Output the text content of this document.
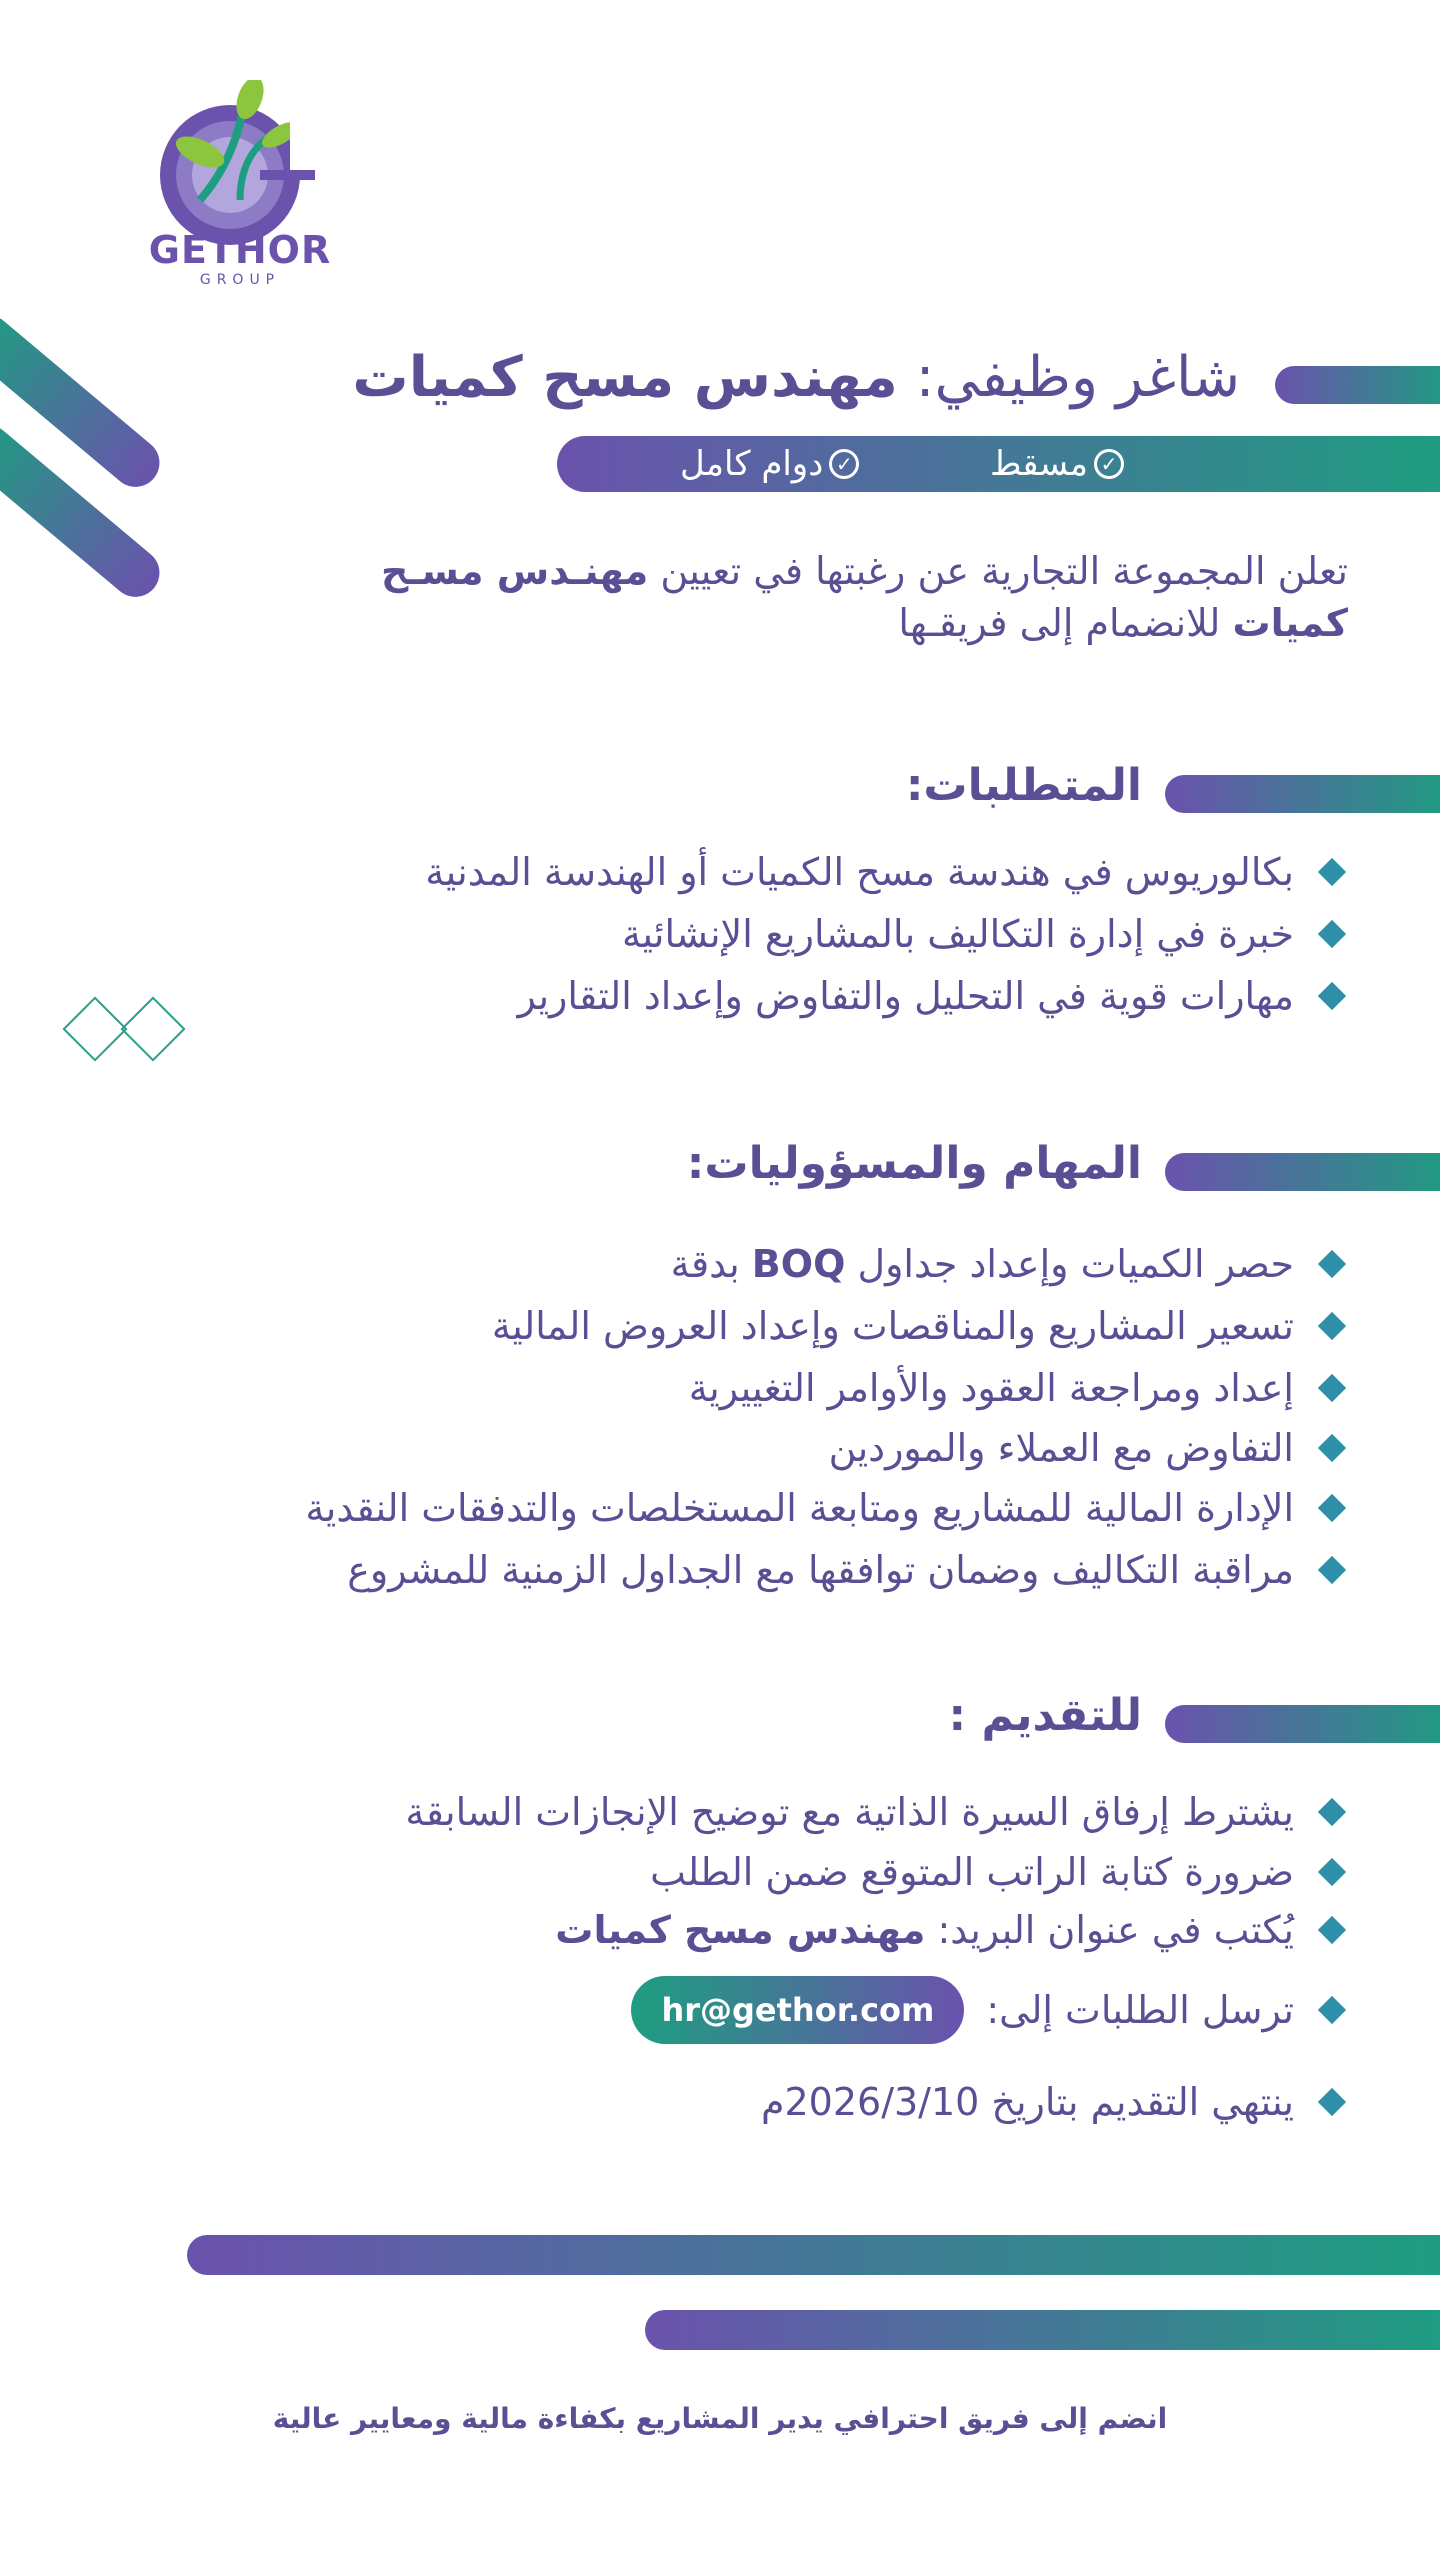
GETHOR
GROUP
شاغر وظيفي: مهندس مسح كميات
✓
مسقط
✓
دوام كامل
تعلن المجموعة التجارية عن رغبتها في تعيين مهنـدس مسـح كميات للانضمام إلى فريقـها
المتطلبات:
بكالوريوس في هندسة مسح الكميات أو الهندسة المدنية
خبرة في إدارة التكاليف بالمشاريع الإنشائية
مهارات قوية في التحليل والتفاوض وإعداد التقارير
المهام والمسؤوليات:
حصر الكميات وإعداد جداول BOQ بدقة
تسعير المشاريع والمناقصات وإعداد العروض المالية
إعداد ومراجعة العقود والأوامر التغييرية
التفاوض مع العملاء والموردين
الإدارة المالية للمشاريع ومتابعة المستخلصات والتدفقات النقدية
مراقبة التكاليف وضمان توافقها مع الجداول الزمنية للمشروع
للتقديم :
يشترط إرفاق السيرة الذاتية مع توضيح الإنجازات السابقة
ضرورة كتابة الراتب المتوقع ضمن الطلب
يُكتب في عنوان البريد: مهندس مسح كميات
ترسل الطلبات إلى:
hr@gethor.com
ينتهي التقديم بتاريخ 2026/3/10م
انضم إلى فريق احترافي يدير المشاريع بكفاءة مالية ومعايير عالية
